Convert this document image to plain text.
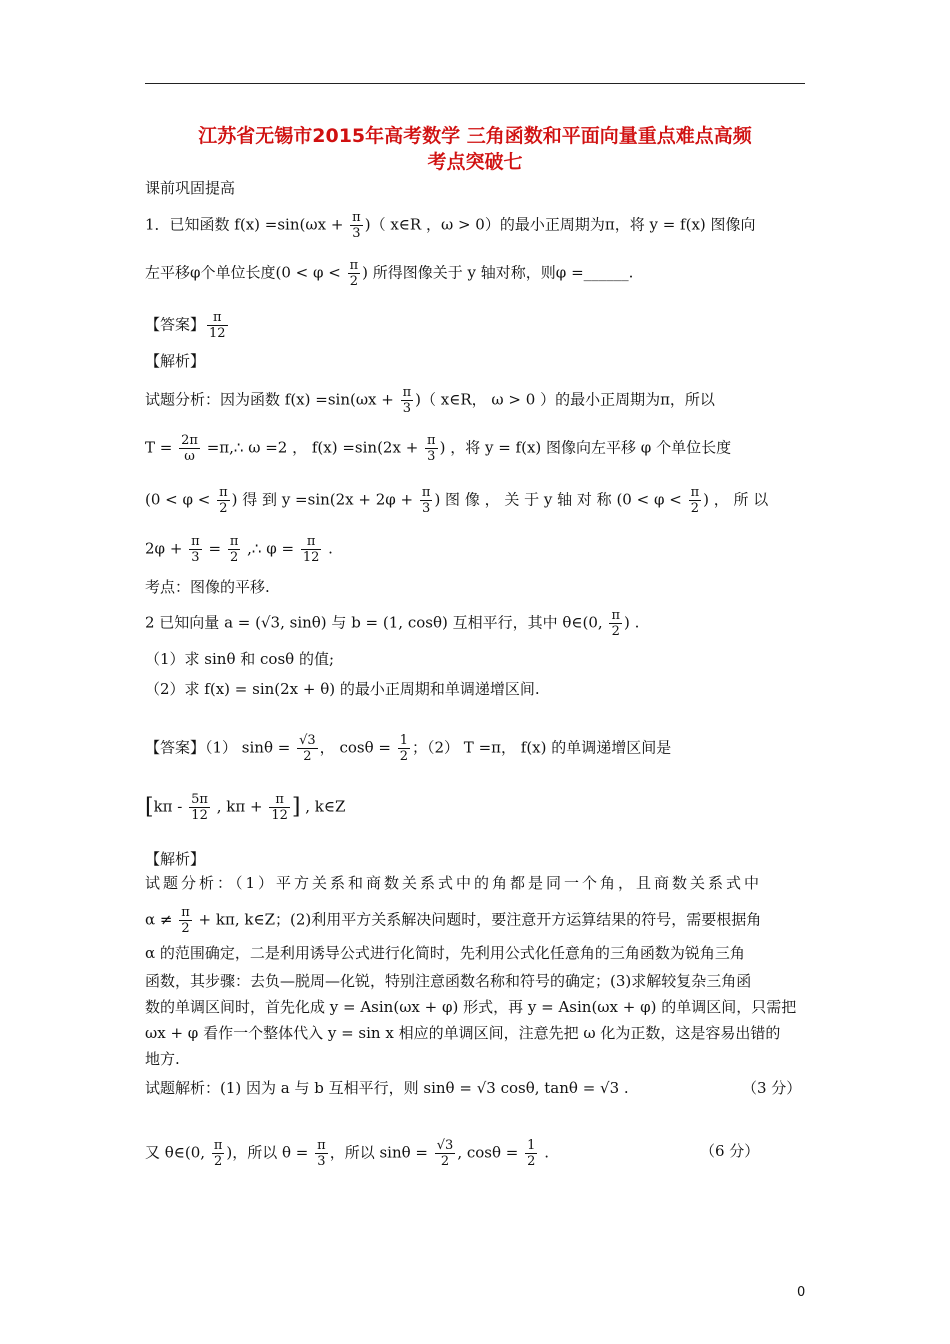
江苏省无锡市2015年高考数学 三角函数和平面向量重点难点高频
考点突破七
课前巩固提高
1．已知函数 $f(x) =\sin(\omega x + \frac{\pi}{3}$ )（ x∈R ，ω > 0）的最小正周期为π，将 y = f(x) 图像向
左平移φ个单位长度($0 < \varphi < \frac{\pi}{2}$ ) 所得图像关于 y 轴对称，则φ =______.
【答案】 $\frac{\pi}{12}$
【解析】
试题分析：因为函数 $f(x) =\sin(\omega x + \frac{\pi}{3}$ )（ x∈R， ω > 0 ）的最小正周期为π，所以
$T = \frac{2\pi}{\omega}$ =π,∴ ω =2 ， $f(x) =\sin(2x + \frac{\pi}{3}$ ) ，将 y = f(x) 图像向左平移 φ 个单位长度
($0 < \varphi < \frac{\pi}{2}$ ) 得 到 $y =\sin(2x + 2\varphi + \frac{\pi}{3}$ ) 图 像 ， 关 于 y 轴 对 称 ($0 < \varphi < \frac{\pi}{2}$ ) ， 所 以
$2\varphi + \frac{\pi}{3} = \frac{\pi}{2}$ ,∴ $\varphi = \frac{\pi}{12}$ .
考点：图像的平移.
2 已知向量 a = (√3, sinθ) 与 b = (1, cosθ) 互相平行，其中 θ∈(0, $\frac{\pi}{2}$ ) .
（1）求 sinθ 和 cosθ 的值;
（2）求 f(x) = sin(2x + θ) 的最小正周期和单调递增区间.
【答案】（1） $\sin\theta = \frac{√3}{2}$ ， $\cos\theta = \frac{1}{2}$ ；（2） T =π， f(x) 的单调递增区间是
[$k\pi - \frac{5\pi}{12}$ , $k\pi + \frac{\pi}{12}$ ] , k∈Z
【解析】
试题分析：（1）平方关系和商数关系式中的角都是同一个角，且商数关系式中
$\alpha \ne \frac{\pi}{2} + k\pi$, k∈Z；(2)利用平方关系解决问题时，要注意开方运算结果的符号，需要根据角
α 的范围确定，二是利用诱导公式进行化简时，先利用公式化任意角的三角函数为锐角三角
函数，其步骤：去负—脱周—化锐，特别注意函数名称和符号的确定；(3)求解较复杂三角函
数的单调区间时，首先化成 y = Asin(ωx + φ) 形式，再 y = Asin(ωx + φ) 的单调区间，只需把
ωx + φ 看作一个整体代入 y = sin x 相应的单调区间，注意先把 ω 化为正数，这是容易出错的
地方.
试题解析：(1) 因为 a 与 b 互相平行，则 sinθ = √3 cosθ, tanθ = √3 .	（3 分）
又 θ∈(0, $\frac{\pi}{2}$ )，所以 $\theta = \frac{\pi}{3}$ ，所以 $\sin\theta = \frac{√3}{2}$ , $\cos\theta = \frac{1}{2}$ .	（6 分）
0
